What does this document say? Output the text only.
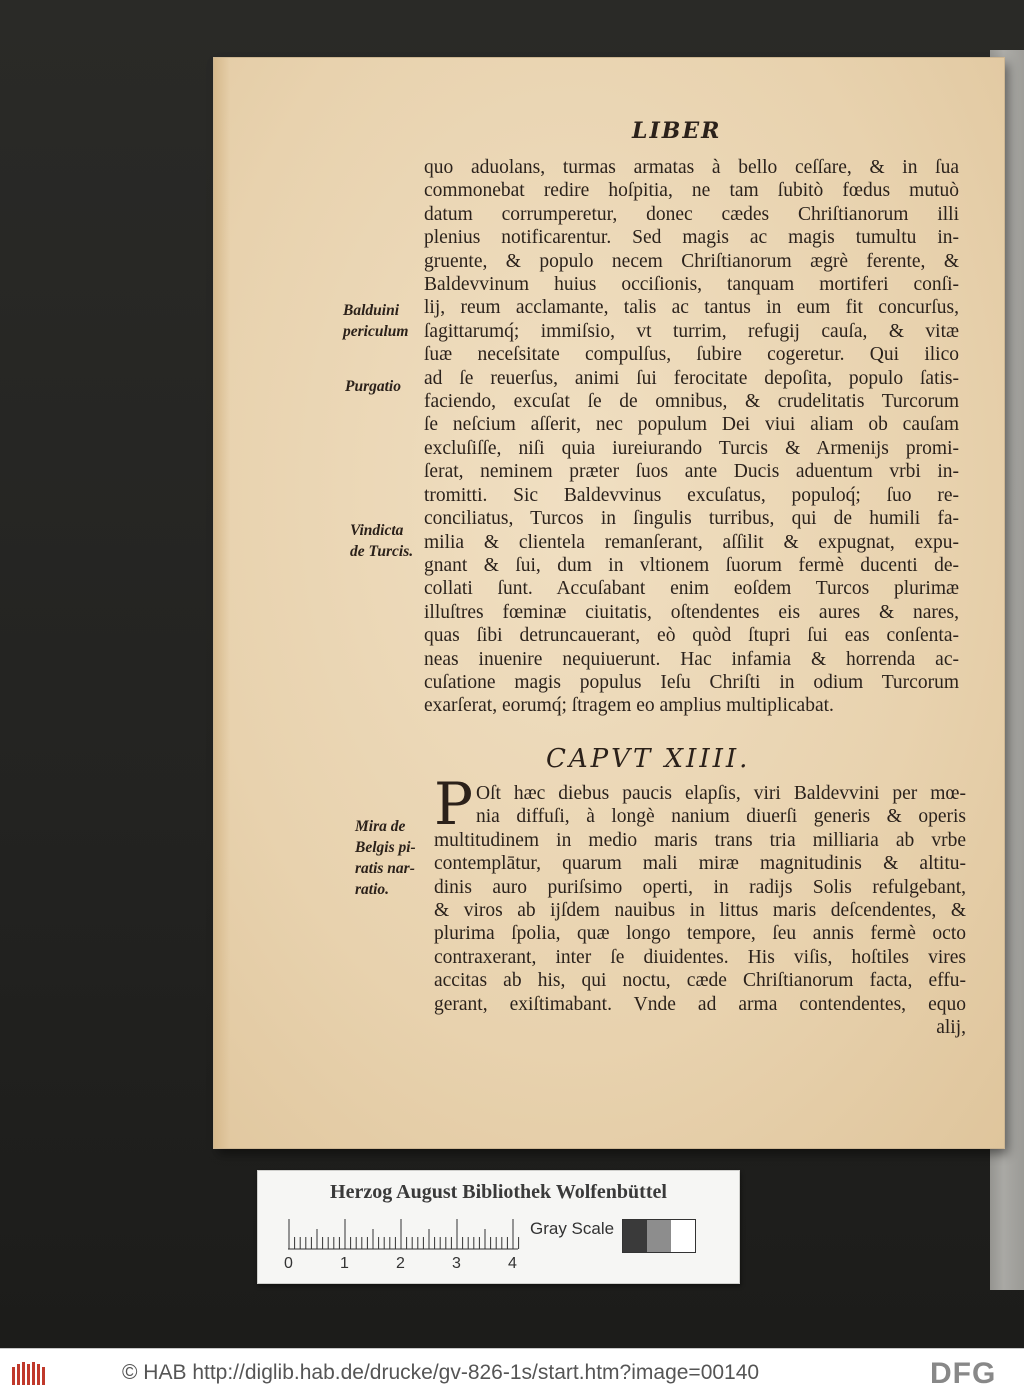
LIBER
quo aduolans, turmas armatas à bello ceſſare, & in ſua
commonebat redire hoſpitia, ne tam ſubitò fœdus mutuò
datum corrumperetur, donec cædes Chriſtianorum illi
plenius notificarentur. Sed magis ac magis tumultu in-
gruente, & populo necem Chriſtianorum ægrè ferente, &
Baldevvinum huius occiſionis, tanquam mortiferi conſi-
lij, reum acclamante, talis ac tantus in eum fit concurſus,
ſagittarumq́; immiſsio, vt turrim, refugij cauſa, & vitæ
ſuæ neceſsitate compulſus, ſubire cogeretur. Qui ilico
ad ſe reuerſus, animi ſui ferocitate depoſita, populo ſatis-
faciendo, excuſat ſe de omnibus, & crudelitatis Turcorum
ſe neſcium aſſerit, nec populum Dei viui aliam ob cauſam
excluſiſſe, niſi quia iureiurando Turcis & Armenijs promi-
ſerat, neminem præter ſuos ante Ducis aduentum vrbi in-
tromitti. Sic Baldevvinus excuſatus, populoq́; ſuo re-
conciliatus, Turcos in ſingulis turribus, qui de humili fa-
milia & clientela remanſerant, aſſilit & expugnat, expu-
gnant & ſui, dum in vltionem ſuorum fermè ducenti de-
collati ſunt. Accuſabant enim eoſdem Turcos plurimæ
illuſtres fœminæ ciuitatis, oſtendentes eis aures & nares,
quas ſibi detruncauerant, eò quòd ſtupri ſui eas conſenta-
neas inuenire nequiuerunt. Hac infamia & horrenda ac-
cuſatione magis populus Ieſu Chriſti in odium Turcorum
exarſerat, eorumq́; ſtragem eo amplius multiplicabat.
Balduini
periculum
Purgatio
Vindicta
de Turcis.
CAPVT XIIII.
P Oſt hæc diebus paucis elapſis, viri Baldevvini per mœ-
nia diffuſi, à longè nanium diuerſi generis & operis
multitudinem in medio maris trans tria milliaria ab vrbe
contemplātur, quarum mali miræ magnitudinis & altitu-
dinis auro puriſsimo operti, in radijs Solis refulgebant,
& viros ab ijſdem nauibus in littus maris deſcendentes, &
plurima ſpolia, quæ longo tempore, ſeu annis fermè octo
contraxerant, inter ſe diuidentes. His viſis, hoſtiles vires
accitas ab his, qui noctu, cæde Chriſtianorum facta, effu-
gerant, exiſtimabant. Vnde ad arma contendentes, equo
alij,
Mira de
Belgis pi-
ratis nar-
ratio.
Herzog August Bibliothek Wolfenbüttel
0	1	2	3	4
Gray Scale
© HAB http://diglib.hab.de/drucke/gv-826-1s/start.htm?image=00140	DFG
